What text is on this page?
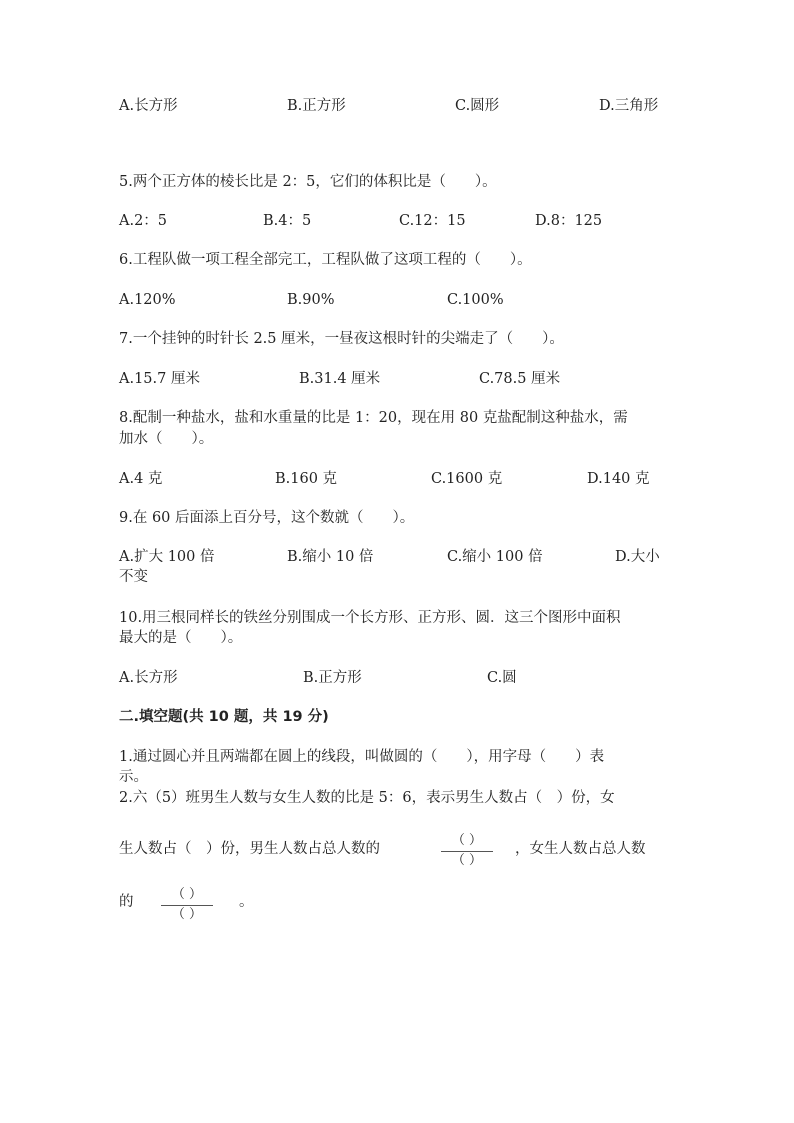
A.长方形	B.正方形	C.圆形	D.三角形
5.两个正方体的棱长比是 2：5，它们的体积比是（　　）。
A.2：5	B.4：5	C.12：15	D.8：125
6.工程队做一项工程全部完工，工程队做了这项工程的（　　）。
A.120%	B.90%	C.100%
7.一个挂钟的时针长 2.5 厘米，一昼夜这根时针的尖端走了（　　）。
A.15.7 厘米	B.31.4 厘米	C.78.5 厘米
8.配制一种盐水，盐和水重量的比是 1：20，现在用 80 克盐配制这种盐水，需
加水（　　）。
A.4 克	B.160 克	C.1600 克	D.140 克
9.在 60 后面添上百分号，这个数就（　　）。
A.扩大 100 倍	B.缩小 10 倍	C.缩小 100 倍	D.大小
不变
10.用三根同样长的铁丝分别围成一个长方形、正方形、圆．这三个图形中面积
最大的是（　　）。
A.长方形	B.正方形	C.圆
二.填空题(共 10 题，共 19 分)
1.通过圆心并且两端都在圆上的线段，叫做圆的（　　），用字母（　　）表
示。
2.六（5）班男生人数与女生人数的比是 5：6，表示男生人数占（　）份，女
生人数占（　）份，男生人数占总人数的
（ ）
（ ）
，女生人数占总人数
的	（ ）
（ ）
。
